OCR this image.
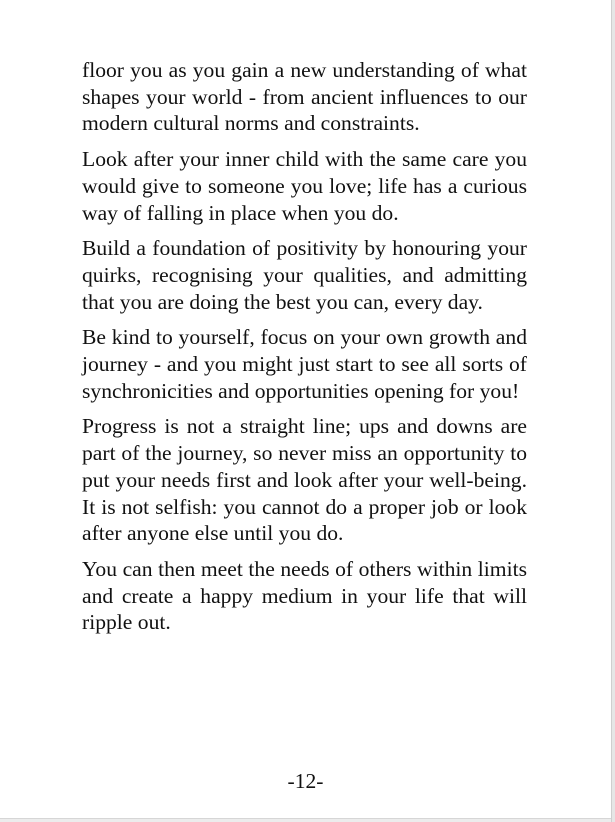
floor you as you gain a new understanding of what shapes your world - from ancient influences to our modern cultural norms and constraints.

Look after your inner child with the same care you would give to someone you love; life has a curious way of falling in place when you do.

Build a foundation of positivity by honouring your quirks, recognising your qualities, and admitting that you are doing the best you can, every day.

Be kind to yourself, focus on your own growth and journey - and you might just start to see all sorts of synchronicities and opportunities opening for you!

Progress is not a straight line; ups and downs are part of the journey, so never miss an opportunity to put your needs first and look after your well-being. It is not selfish: you cannot do a proper job or look after anyone else until you do.

You can then meet the needs of others within limits and create a happy medium in your life that will ripple out.

-12-
